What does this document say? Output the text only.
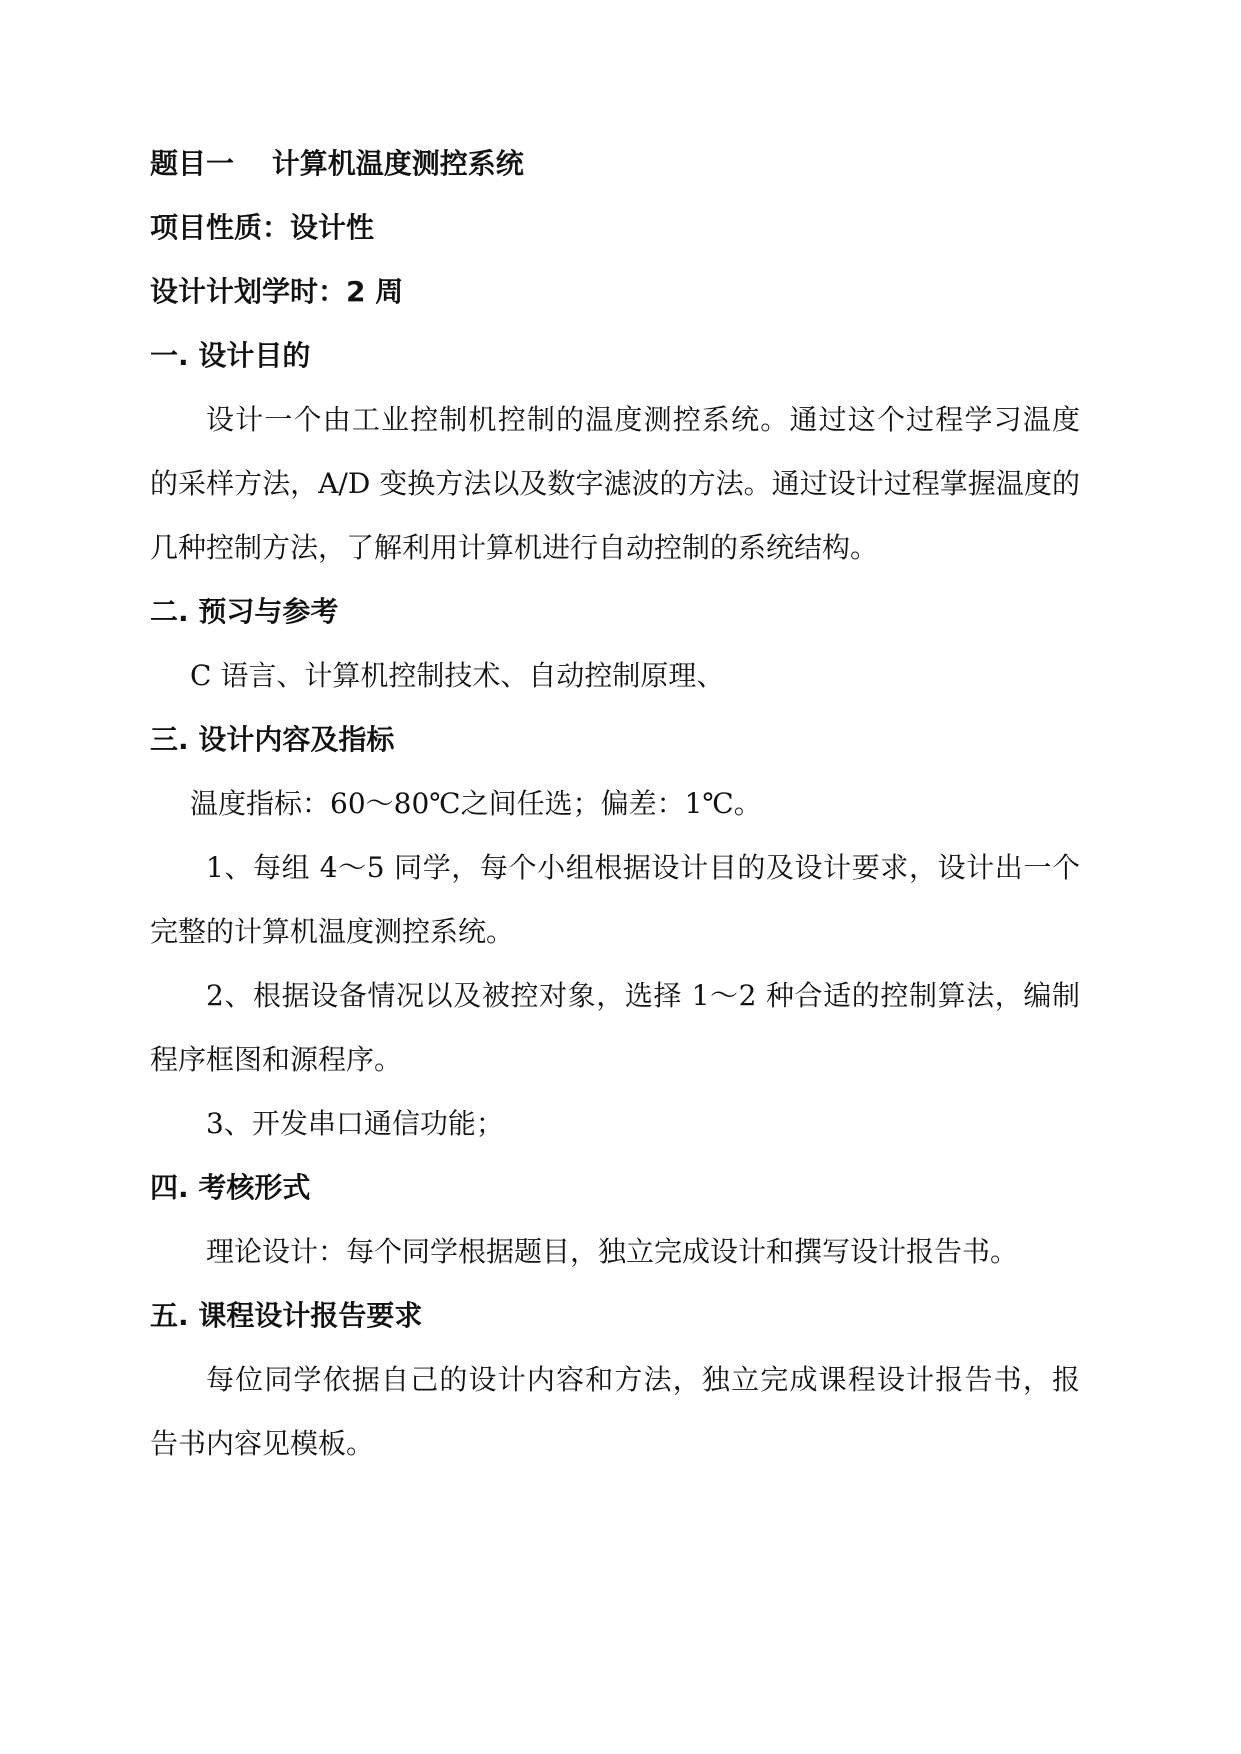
题目一　 计算机温度测控系统
项目性质：设计性
设计计划学时：2 周
一. 设计目的
设计一个由工业控制机控制的温度测控系统。通过这个过程学习温度
的采样方法，A/D 变换方法以及数字滤波的方法。通过设计过程掌握温度的
几种控制方法，了解利用计算机进行自动控制的系统结构。
二. 预习与参考
C 语言、计算机控制技术、自动控制原理、
三. 设计内容及指标
温度指标：60～80℃之间任选；偏差：1℃。
1、每组 4～5 同学，每个小组根据设计目的及设计要求，设计出一个
完整的计算机温度测控系统。
2、根据设备情况以及被控对象，选择 1～2 种合适的控制算法，编制
程序框图和源程序。
3、开发串口通信功能；
四. 考核形式
理论设计：每个同学根据题目，独立完成设计和撰写设计报告书。
五. 课程设计报告要求
每位同学依据自己的设计内容和方法，独立完成课程设计报告书，报
告书内容见模板。
